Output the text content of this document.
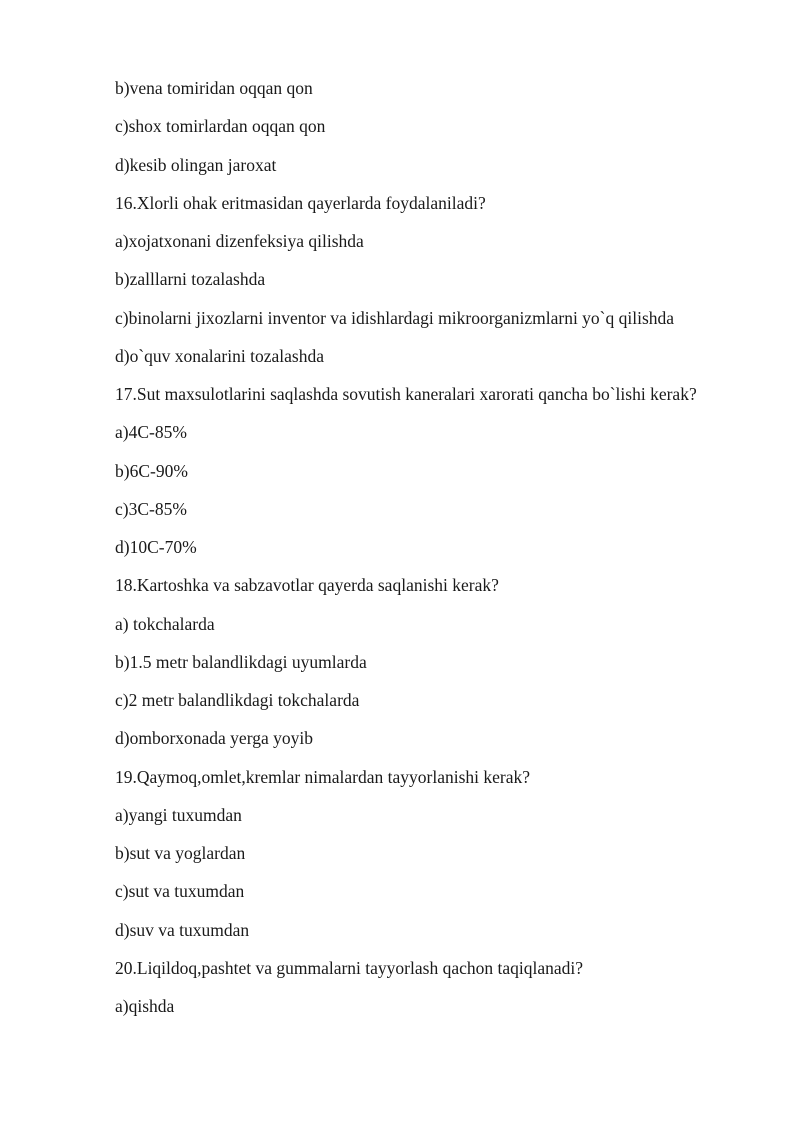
b)vena tomiridan oqqan qon
c)shox tomirlardan oqqan qon
d)kesib olingan jaroxat
16.Xlorli ohak eritmasidan qayerlarda foydalaniladi?
a)xojatxonani dizenfeksiya qilishda
b)zalllarni tozalashda
c)binolarni jixozlarni inventor va idishlardagi mikroorganizmlarni yo`q qilishda
d)o`quv xonalarini tozalashda
17.Sut maxsulotlarini saqlashda sovutish kaneralari xarorati qancha bo`lishi kerak?
a)4C-85%
b)6C-90%
c)3C-85%
d)10C-70%
18.Kartoshka va sabzavotlar qayerda saqlanishi kerak?
a) tokchalarda
b)1.5 metr balandlikdagi uyumlarda
c)2 metr balandlikdagi tokchalarda
d)omborxonada yerga yoyib
19.Qaymoq,omlet,kremlar nimalardan tayyorlanishi kerak?
a)yangi tuxumdan
b)sut va yoglardan
c)sut va tuxumdan
d)suv va tuxumdan
20.Liqildoq,pashtet va gummalarni tayyorlash qachon taqiqlanadi?
a)qishda
